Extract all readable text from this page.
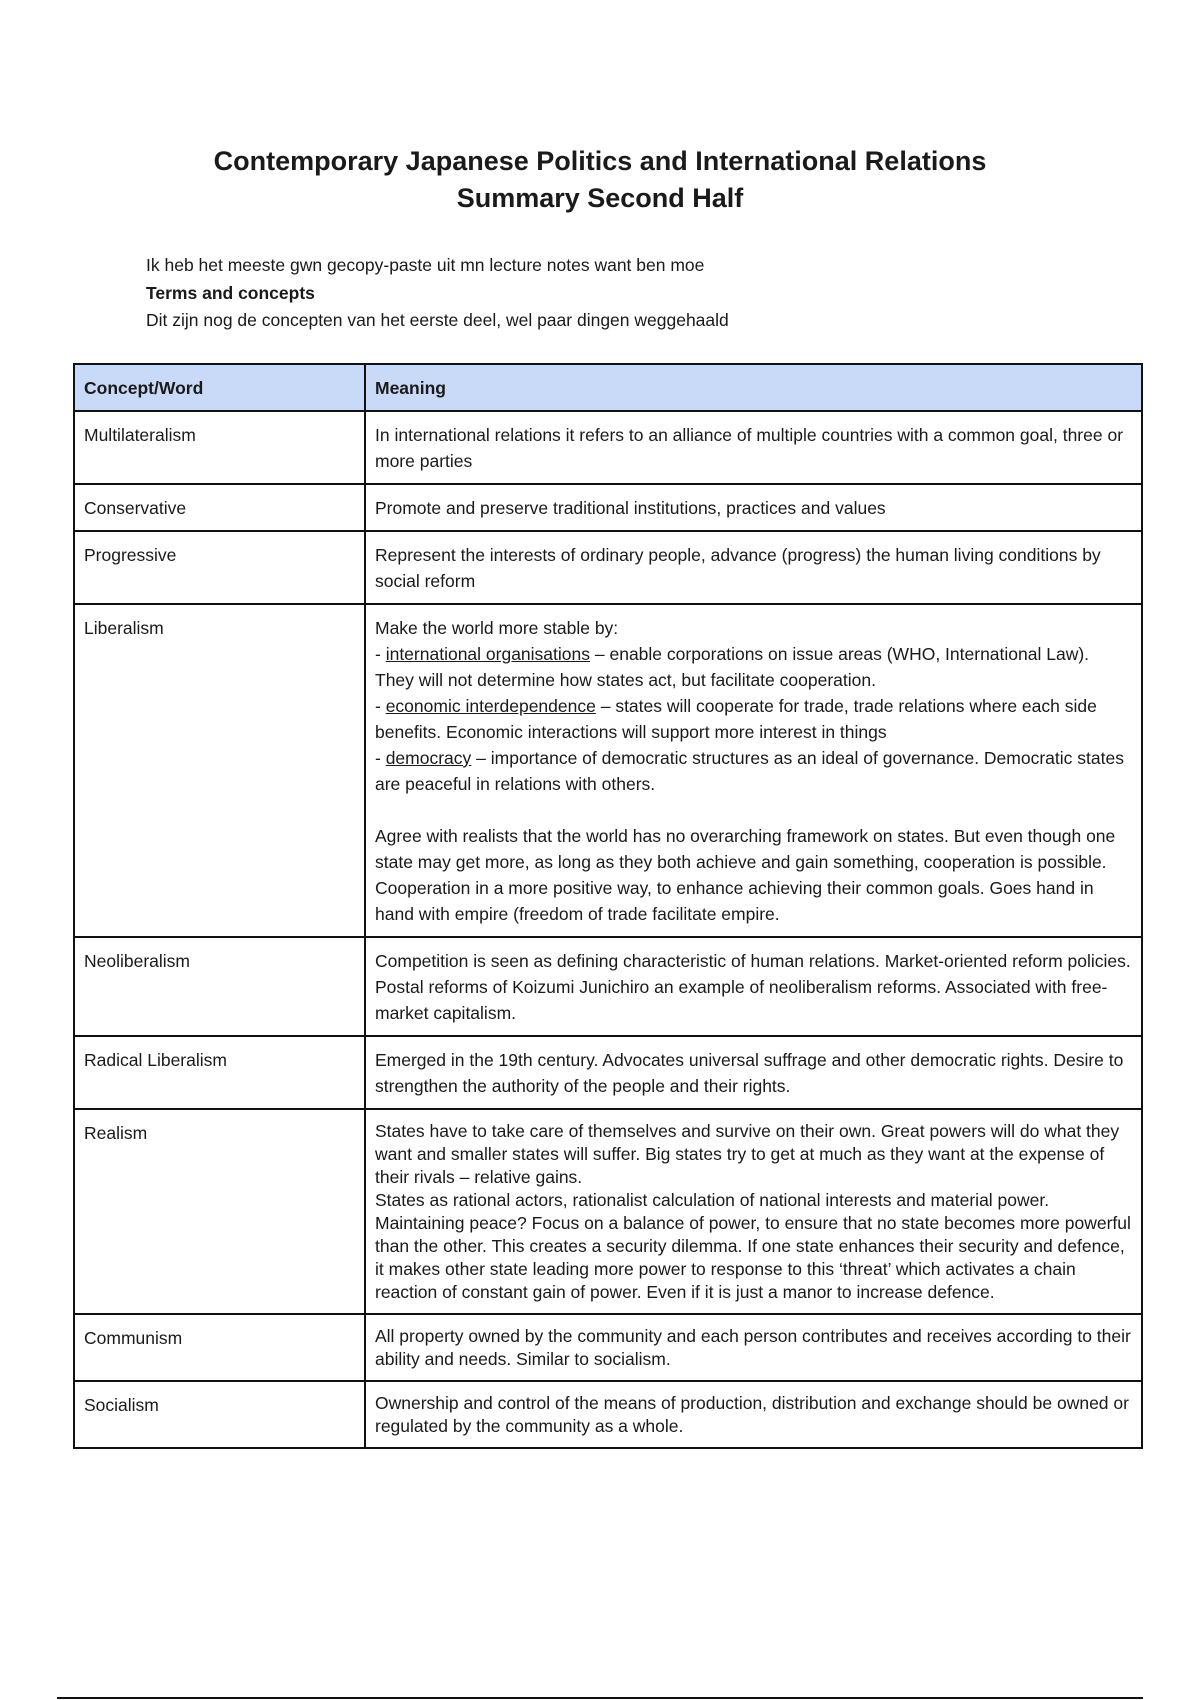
Contemporary Japanese Politics and International Relations
Summary Second Half
Ik heb het meeste gwn gecopy-paste uit mn lecture notes want ben moe
Terms and concepts
Dit zijn nog de concepten van het eerste deel, wel paar dingen weggehaald
Concept/Word	Meaning
Multilateralism	In international relations it refers to an alliance of multiple countries with a common goal, three or more parties
Conservative	Promote and preserve traditional institutions, practices and values
Progressive	Represent the interests of ordinary people, advance (progress) the human living conditions by social reform
Liberalism	Make the world more stable by:
- international organisations – enable corporations on issue areas (WHO, International Law). They will not determine how states act, but facilitate cooperation.
- economic interdependence – states will cooperate for trade, trade relations where each side benefits. Economic interactions will support more interest in things
- democracy – importance of democratic structures as an ideal of governance. Democratic states are peaceful in relations with others.
Agree with realists that the world has no overarching framework on states. But even though one state may get more, as long as they both achieve and gain something, cooperation is possible. Cooperation in a more positive way, to enhance achieving their common goals. Goes hand in hand with empire (freedom of trade facilitate empire.

Neoliberalism	Competition is seen as defining characteristic of human relations. Market-oriented reform policies. Postal reforms of Koizumi Junichiro an example of neoliberalism reforms. Associated with free-market capitalism.
Radical Liberalism	Emerged in the 19th century. Advocates universal suffrage and other democratic rights. Desire to strengthen the authority of the people and their rights.
Realism	States have to take care of themselves and survive on their own. Great powers will do what they want and smaller states will suffer. Big states try to get at much as they want at the expense of their rivals – relative gains.
States as rational actors, rationalist calculation of national interests and material power.
Maintaining peace? Focus on a balance of power, to ensure that no state becomes more powerful than the other. This creates a security dilemma. If one state enhances their security and defence, it makes other state leading more power to response to this ‘threat’ which activates a chain reaction of constant gain of power. Even if it is just a manor to increase defence.

Communism	All property owned by the community and each person contributes and receives according to their ability and needs. Similar to socialism.
Socialism	Ownership and control of the means of production, distribution and exchange should be owned or regulated by the community as a whole.
